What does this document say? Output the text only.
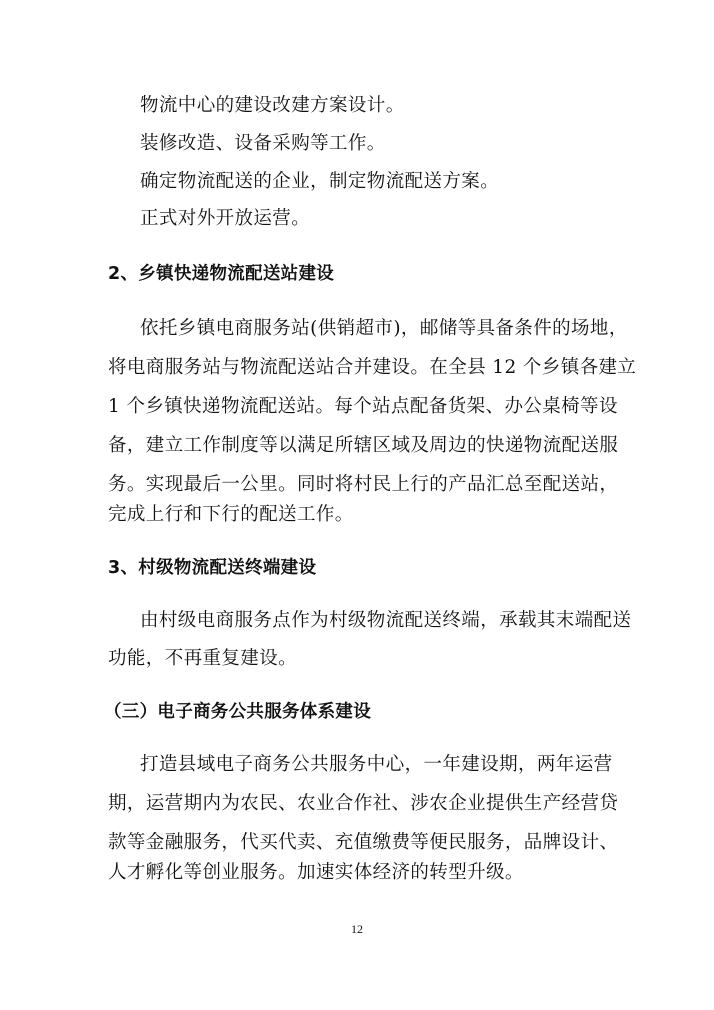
物流中心的建设改建方案设计。
装修改造、设备采购等工作。
确定物流配送的企业，制定物流配送方案。
正式对外开放运营。
2、乡镇快递物流配送站建设
依托乡镇电商服务站(供销超市)，邮储等具备条件的场地，
将电商服务站与物流配送站合并建设。在全县 12 个乡镇各建立
1 个乡镇快递物流配送站。每个站点配备货架、办公桌椅等设
备，建立工作制度等以满足所辖区域及周边的快递物流配送服
务。实现最后一公里。同时将村民上行的产品汇总至配送站，
完成上行和下行的配送工作。
3、村级物流配送终端建设
由村级电商服务点作为村级物流配送终端，承载其末端配送
功能，不再重复建设。
（三）电子商务公共服务体系建设
打造县域电子商务公共服务中心，一年建设期，两年运营
期，运营期内为农民、农业合作社、涉农企业提供生产经营贷
款等金融服务，代买代卖、充值缴费等便民服务，品牌设计、
人才孵化等创业服务。加速实体经济的转型升级。
12
